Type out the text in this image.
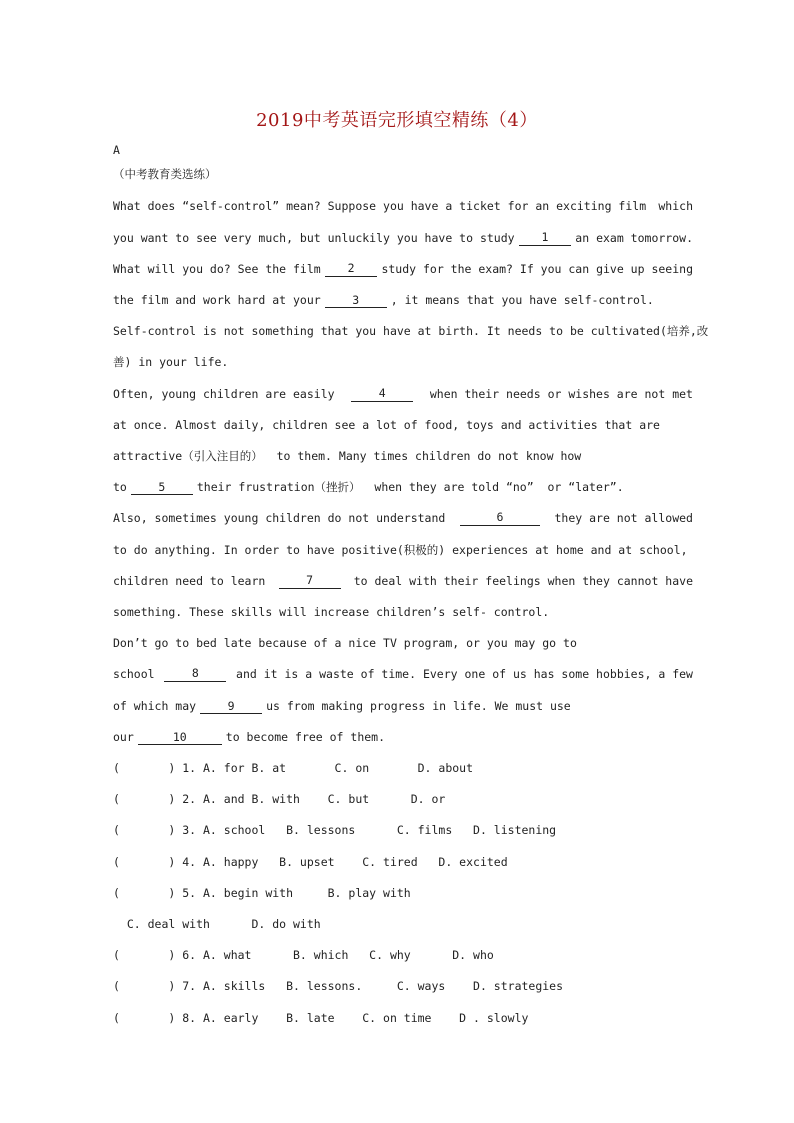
2019中考英语完形填空精练（4）
A
（中考教育类选练）
What does “self-control” mean? Suppose you have a ticket for an exciting film which
you want to see very much, but unluckily you have to study	1	an exam tomorrow.
What will you do? See the film	2	study for the exam? If you can give up seeing
the film and work hard at your	3	, it means that you have self-control.
Self-control is not something that you have at birth. It needs to be cultivated(培养,改
善) in your life.
Often, young children are easily	4	when their needs or wishes are not met
at once. Almost daily, children see a lot of food, toys and activities that are
attractive（引入注目的）  to them. Many times children do not know how
to	5	their frustration（挫折）  when they are told “no”  or “later”.
Also, sometimes young children do not understand	6	they are not allowed
to do anything. In order to have positive(积极的) experiences at home and at school,
children need to learn	7	to deal with their feelings when they cannot have
something. These skills will increase children’s self- control.
Don’t go to bed late because of a nice TV program, or you may go to
school	8	and it is a waste of time. Every one of us has some hobbies, a few
of which may	9	us from making progress in life. We must use
our	10	to become free of them.
(       ) 1. A. for B. at       C. on       D. about
(       ) 2. A. and B. with    C. but      D. or
(       ) 3. A. school   B. lessons      C. films   D. listening
(       ) 4. A. happy   B. upset    C. tired   D. excited
(       ) 5. A. begin with     B. play with
C. deal with      D. do with
(       ) 6. A. what      B. which   C. why      D. who
(       ) 7. A. skills   B. lessons.     C. ways    D. strategies
(       ) 8. A. early    B. late    C. on time    D . slowly
